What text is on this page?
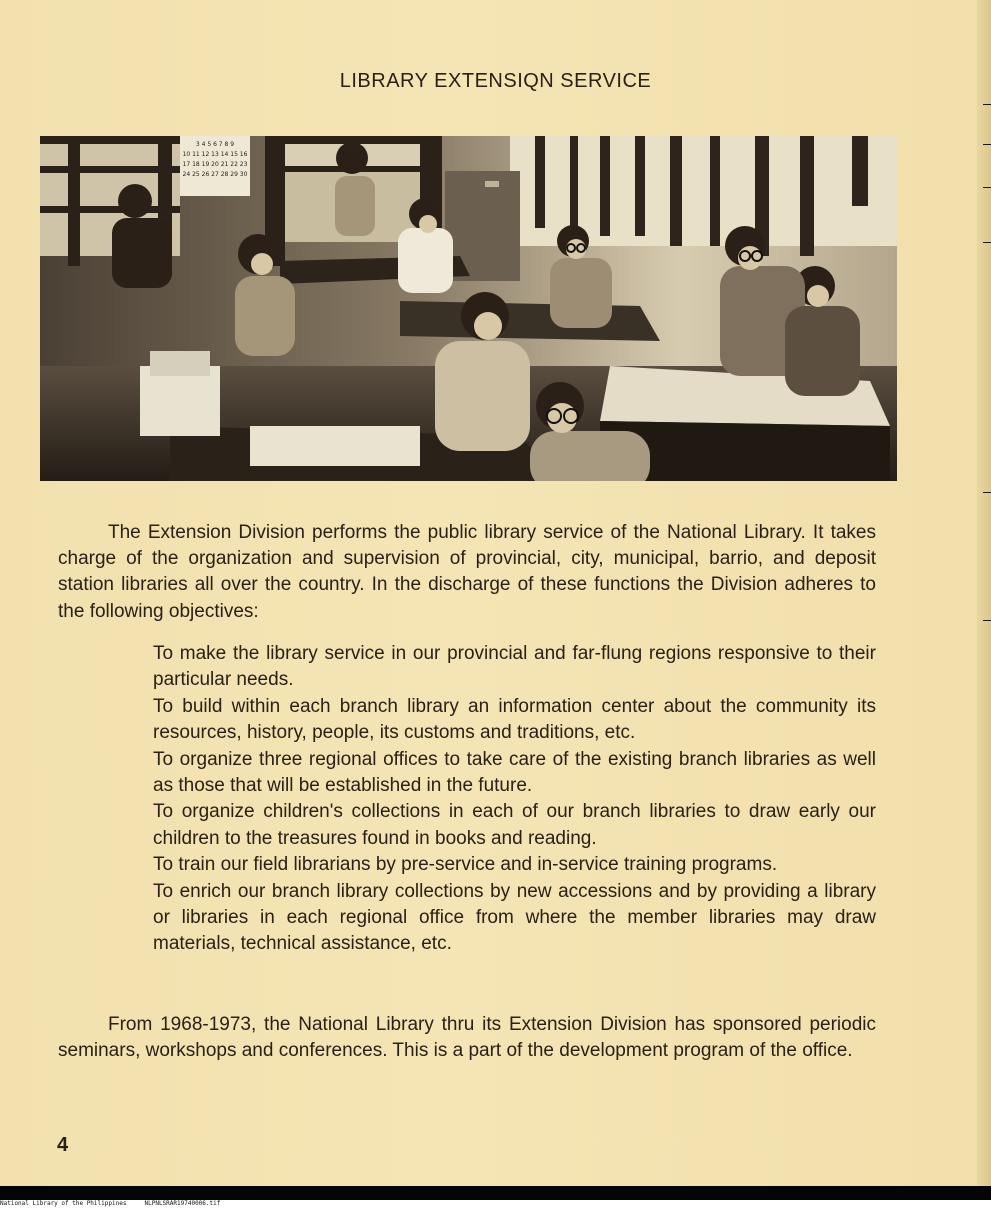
LIBRARY EXTENSIQN SERVICE
3 4 5 6 7 8 9
10 11 12 13 14 15 16
17 18 19 20 21 22 23
24 25 26 27 28 29 30

The Extension Division performs the public library service of the National Library. It takes charge of the organization and supervision of provincial, city, municipal, barrio, and deposit station libraries all over the country. In the discharge of these functions the Division adheres to the following objectives:

To make the library service in our provincial and far-flung regions responsive to their particular needs.
To build within each branch library an information center about the community its resources, history, people, its customs and traditions, etc.
To organize three regional offices to take care of the existing branch libraries as well as those that will be established in the future.
To organize children's collections in each of our branch libraries to draw early our children to the treasures found in books and reading.
To train our field librarians by pre-service and in-service training programs.
To enrich our branch library collections by new accessions and by providing a library or libraries in each regional office from where the member libraries may draw materials, technical assistance, etc.

From 1968-1973, the National Library thru its Extension Division has sponsored periodic seminars, workshops and conferences. This is a part of the development program of the office.

4
National Library of the Philippines	NLPNLSRAR19740006.tif
